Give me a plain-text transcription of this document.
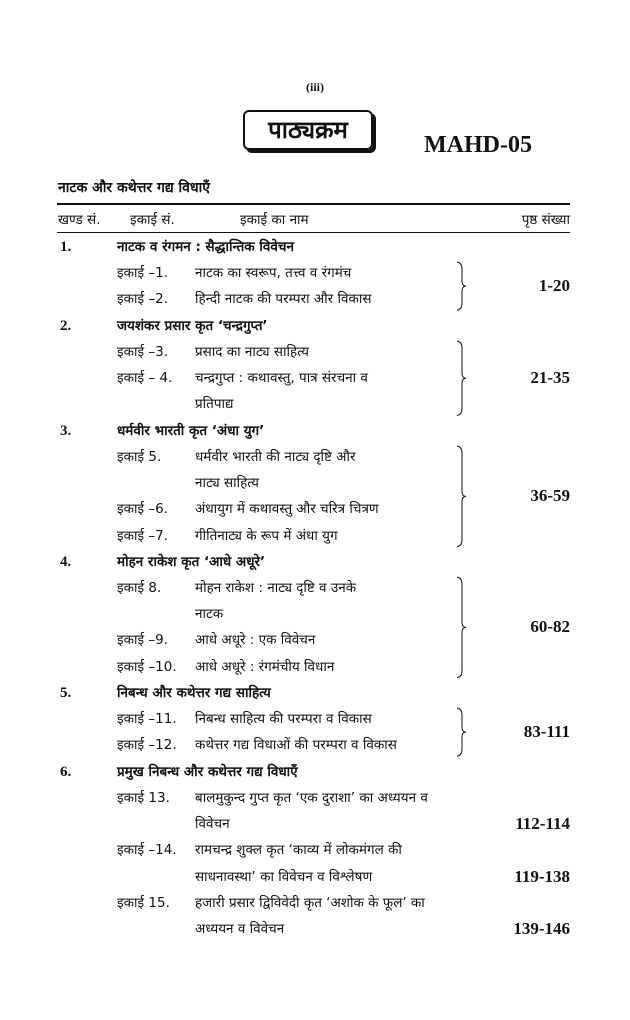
(iii)
पाठ्यक्रम
MAHD-05
नाटक और कथेत्तर गद्य विधाएँ
खण्ड सं. इकाई सं.	इकाई का नाम	पृष्ठ संख्या
1.	नाटक व रंगमन : सैद्धान्तिक विवेचन
इकाई –1. नाटक का स्वरूप, तत्त्व व रंगमंच
इकाई –2. हिन्दी नाटक की परम्परा और विकास
1-20
2.	जयशंकर प्रसार कृत ‘चन्द्रगुप्त’
इकाई –3. प्रसाद का नाट्य साहित्य
इकाई – 4. चन्द्रगुप्त : कथावस्तु, पात्र संरचना व
प्रतिपाद्य
21-35
3.	धर्मवीर भारती कृत ‘अंधा युग’
इकाई 5. धर्मवीर भारती की नाट्य दृष्टि और
नाट्य साहित्य
इकाई –6. अंधायुग में कथावस्तु और चरित्र चित्रण
इकाई –7. गीतिनाट्य के रूप में अंधा युग
36-59
4.	मोहन राकेश कृत ‘आधे अधूरे’
इकाई 8. मोहन राकेश : नाट्य दृष्टि व उनके
नाटक
इकाई –9. आधे अधूरे : एक विवेचन
इकाई –10. आधे अधूरे : रंगमंचीय विधान
60-82
5.	निबन्ध और कथेत्तर गद्य साहित्य
इकाई –11. निबन्ध साहित्य की परम्परा व विकास
इकाई –12. कथेत्तर गद्य विधाओं की परम्परा व विकास
83-111
6.	प्रमुख निबन्ध और कथेत्तर गद्य विधाएँ
इकाई 13. बालमुकुन्द गुप्त कृत ‘एक दुराशा’ का अध्ययन व
विवेचन	112-114
इकाई –14. रामचन्द्र शुक्ल कृत ‘काव्य में लोकमंगल की
साधनावस्था’ का विवेचन व विश्लेषण	119-138
इकाई 15. हजारी प्रसार द्विविवेदी कृत ‘अशोक के फूल’ का
अध्ययन व विवेचन	139-146
